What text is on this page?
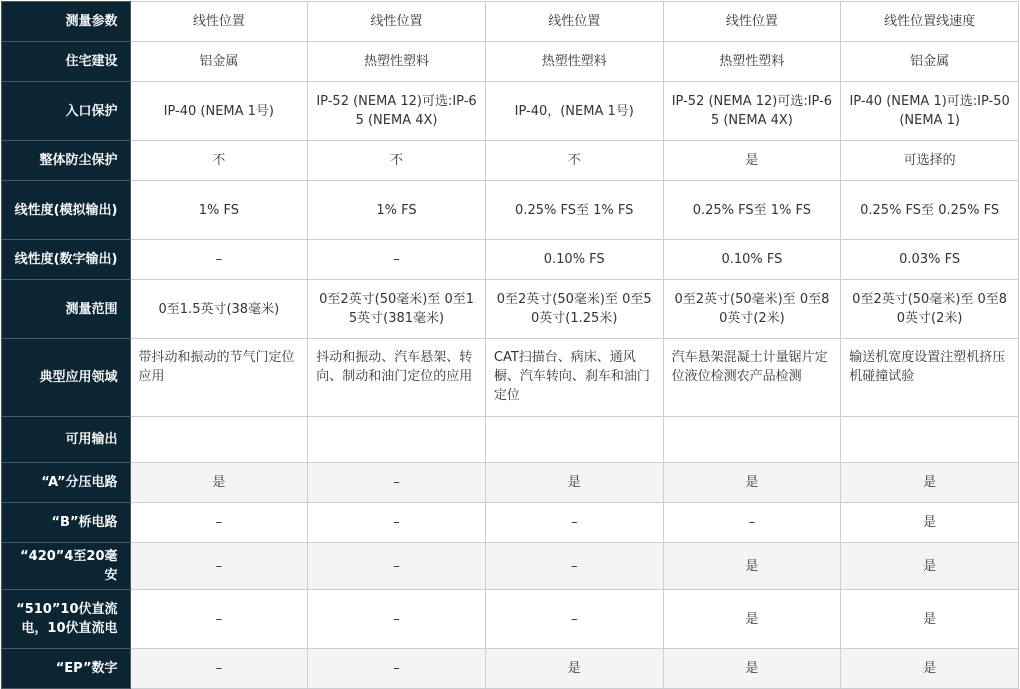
测量参数	线性位置	线性位置	线性位置	线性位置	线性位置线速度
住宅建设	铝金属	热塑性塑料	热塑性塑料	热塑性塑料	铝金属
入口保护	IP-40 (NEMA 1号)	IP-52 (NEMA 12)可选:IP-65 (NEMA 4X)	IP-40，(NEMA 1号)	IP-52 (NEMA 12)可选:IP-65 (NEMA 4X)	IP-40 (NEMA 1)可选:IP-50 (NEMA 1)
整体防尘保护	不	不	不	是	可选择的
线性度(模拟输出)	1% FS	1% FS	0.25% FS至 1% FS	0.25% FS至 1% FS	0.25% FS至 0.25% FS
线性度(数字输出)	–	–	0.10% FS	0.10% FS	0.03% FS
测量范围	0至1.5英寸(38毫米)	0至2英寸(50毫米)至 0至15英寸(381毫米)	0至2英寸(50毫米)至 0至50英寸(1.25米)	0至2英寸(50毫米)至 0至80英寸(2米)	0至2英寸(50毫米)至 0至80英寸(2米)
典型应用领域	带抖动和振动的节气门定位应用	抖动和振动、汽车悬架、转向、制动和油门定位的应用	CAT扫描台、病床、通风橱、汽车转向、刹车和油门定位	汽车悬架混凝土计量锯片定位液位检测农产品检测	输送机宽度设置注塑机挤压机碰撞试验
可用输出					
“A”分压电路	是	–	是	是	是
“B”桥电路	–	–	–	–	是
“420”4至20毫安	–	–	–	是	是
“510”10伏直流电，10伏直流电	–	–	–	是	是
“EP”数字	–	–	是	是	是
